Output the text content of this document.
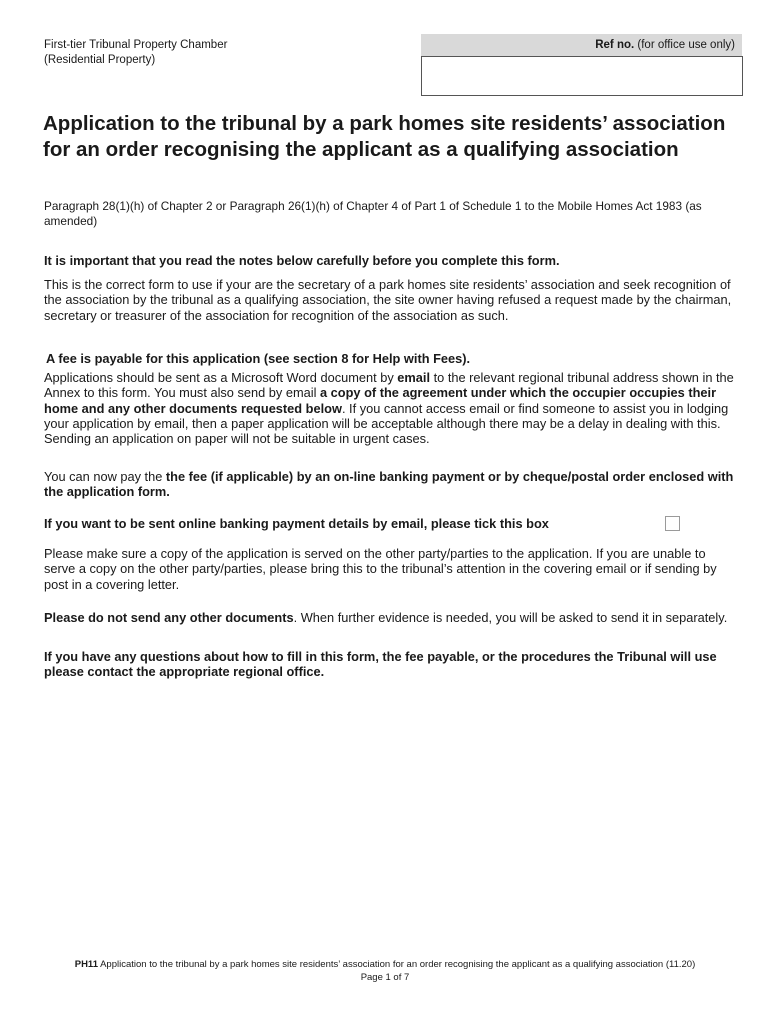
First-tier Tribunal Property Chamber
(Residential Property)
Ref no. (for office use only)
Application to the tribunal by a park homes site residents’ association for an order recognising the applicant as a qualifying association
Paragraph 28(1)(h) of Chapter 2 or Paragraph 26(1)(h) of Chapter 4 of Part 1 of Schedule 1 to the Mobile Homes Act 1983 (as amended)

It is important that you read the notes below carefully before you complete this form.

This is the correct form to use if your are the secretary of a park homes site residents’ association and seek recognition of the association by the tribunal as a qualifying association, the site owner having refused a request made by the chairman, secretary or treasurer of the association for recognition of the association as such.

A fee is payable for this application (see section 8 for Help with Fees).

Applications should be sent as a Microsoft Word document by email to the relevant regional tribunal address shown in the Annex to this form. You must also send by email a copy of the agreement under which the occupier occupies their home and any other documents requested below. If you cannot access email or find someone to assist you in lodging your application by email, then a paper application will be acceptable although there may be a delay in dealing with this. Sending an application on paper will not be suitable in urgent cases.

You can now pay the the fee (if applicable) by an on-line banking payment or by cheque/postal order enclosed with the application form.

If you want to be sent online banking payment details by email, please tick this box

Please make sure a copy of the application is served on the other party/parties to the application. If you are unable to serve a copy on the other party/parties, please bring this to the tribunal’s attention in the covering email or if sending by post in a covering letter.

Please do not send any other documents. When further evidence is needed, you will be asked to send it in separately.

If you have any questions about how to fill in this form, the fee payable, or the procedures the Tribunal will use please contact the appropriate regional office.

PH11 Application to the tribunal by a park homes site residents’ association for an order recognising the applicant as a qualifying association (11.20)
Page 1 of 7
